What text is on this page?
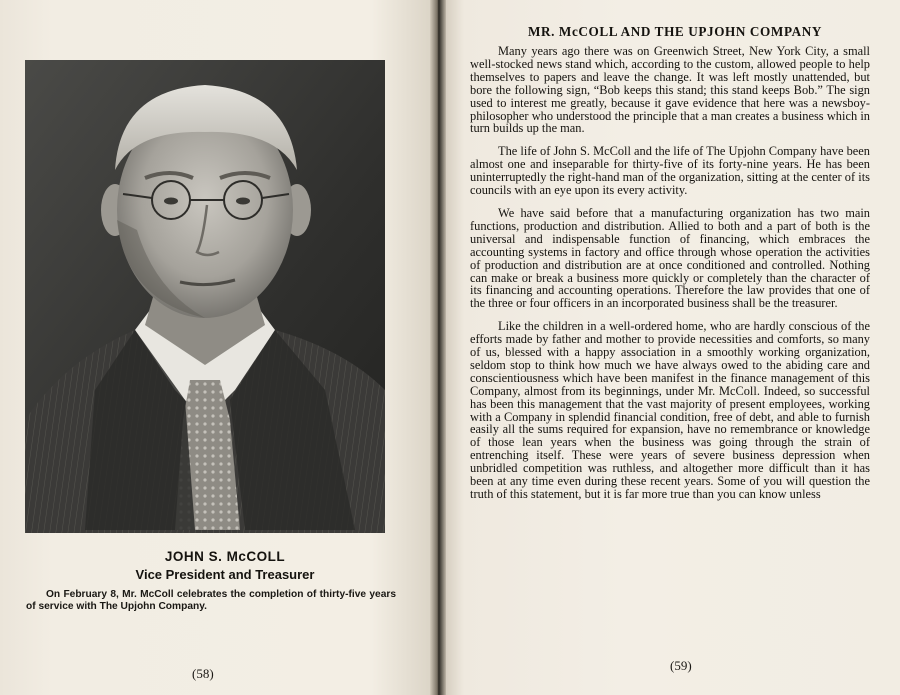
JOHN S. McCOLL
Vice President and Treasurer
On February 8, Mr. McColl celebrates the completion of thirty-five years of service with The Upjohn Company.
(58)
MR. McCOLL AND THE UPJOHN COMPANY

Many years ago there was on Greenwich Street, New York City, a small well-stocked news stand which, according to the custom, allowed people to help themselves to papers and leave the change. It was left mostly unattended, but bore the following sign, “Bob keeps this stand; this stand keeps Bob.” The sign used to interest me greatly, because it gave evidence that here was a newsboy-philosopher who understood the principle that a man creates a business which in turn builds up the man.

The life of John S. McColl and the life of The Upjohn Company have been almost one and inseparable for thirty-five of its forty-nine years. He has been uninterruptedly the right-hand man of the organization, sitting at the center of its councils with an eye upon its every activity.

We have said before that a manufacturing organization has two main functions, production and distribution. Allied to both and a part of both is the universal and indispensable function of financing, which embraces the accounting systems in factory and office through whose operation the activities of production and distribution are at once conditioned and controlled. Nothing can make or break a business more quickly or completely than the character of its financing and accounting operations. Therefore the law provides that one of the three or four officers in an incorporated business shall be the treasurer.

Like the children in a well-ordered home, who are hardly conscious of the efforts made by father and mother to provide necessities and comforts, so many of us, blessed with a happy association in a smoothly working organization, seldom stop to think how much we have always owed to the abiding care and conscientiousness which have been manifest in the finance management of this Company, almost from its beginnings, under Mr. McColl. Indeed, so successful has been this management that the vast majority of present employees, working with a Company in splendid financial condition, free of debt, and able to furnish easily all the sums required for expansion, have no remembrance or knowledge of those lean years when the business was going through the strain of entrenching itself. These were years of severe business depression when unbridled competition was ruthless, and altogether more difficult than it has been at any time even during these recent years. Some of you will question the truth of this statement, but it is far more true than you can know unless

(59)
